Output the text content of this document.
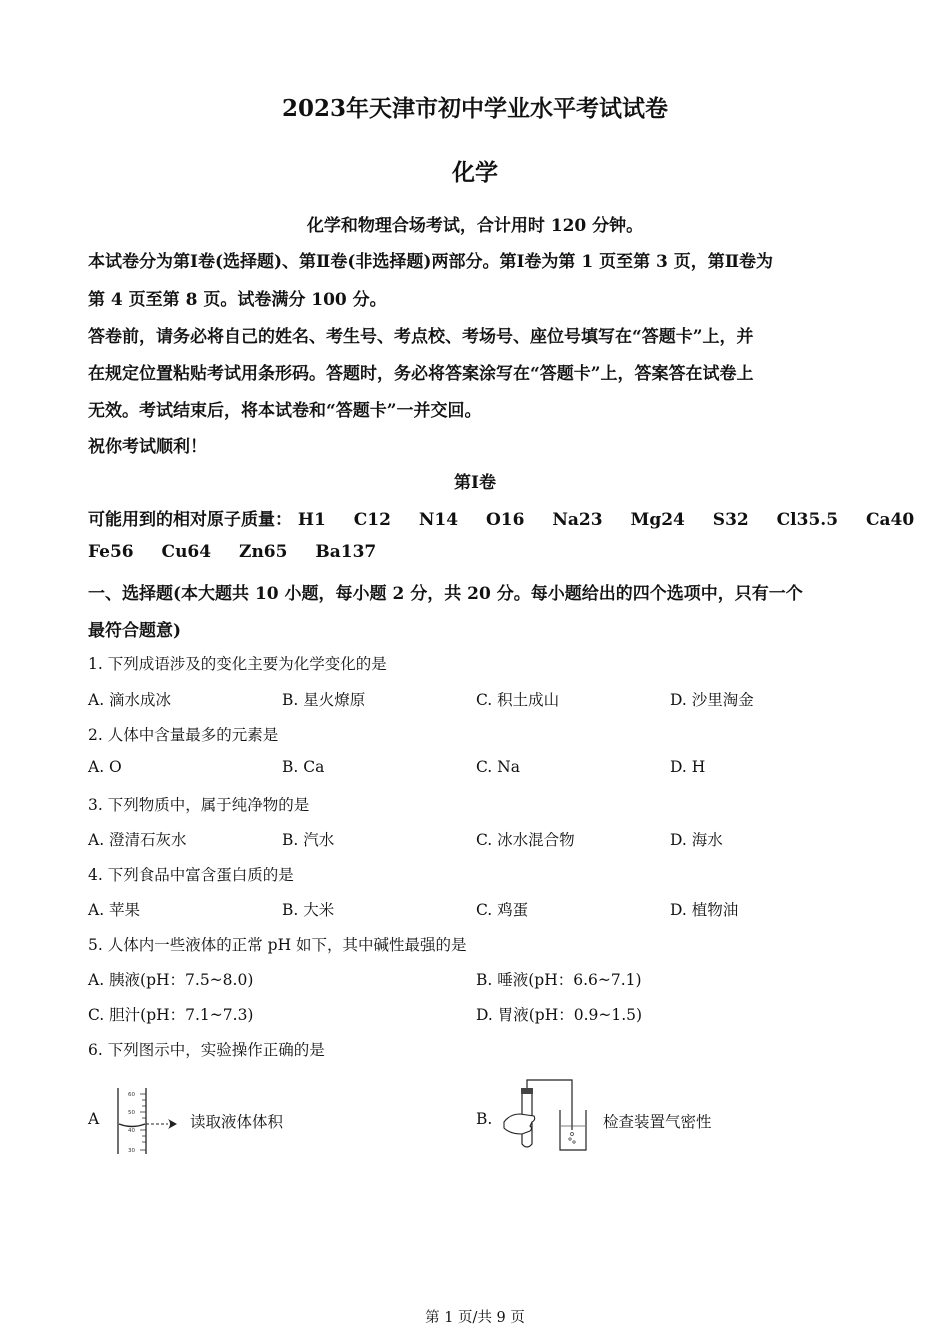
2023年天津市初中学业水平考试试卷
化学
化学和物理合场考试，合计用时 120 分钟。
本试卷分为第Ⅰ卷(选择题)、第Ⅱ卷(非选择题)两部分。第Ⅰ卷为第 1 页至第 3 页，第Ⅱ卷为
第 4 页至第 8 页。试卷满分 100 分。
答卷前，请务必将自己的姓名、考生号、考点校、考场号、座位号填写在“答题卡”上，并
在规定位置粘贴考试用条形码。答题时，务必将答案涂写在“答题卡”上，答案答在试卷上
无效。考试结束后，将本试卷和“答题卡”一并交回。
祝你考试顺利！
第Ⅰ卷
可能用到的相对原子质量： H1 C12 N14 O16 Na23 Mg24 S32 Cl35.5 Ca40
Fe56 Cu64 Zn65 Ba137
一、选择题(本大题共 10 小题，每小题 2 分，共 20 分。每小题给出的四个选项中，只有一个
最符合题意)
1. 下列成语涉及的变化主要为化学变化的是
A. 滴水成冰	B. 星火燎原	C. 积土成山	D. 沙里淘金
2. 人体中含量最多的元素是
A. O	B. Ca	C. Na	D. H
3. 下列物质中，属于纯净物的是
A. 澄清石灰水	B. 汽水	C. 冰水混合物	D. 海水
4. 下列食品中富含蛋白质的是
A. 苹果	B. 大米	C. 鸡蛋	D. 植物油
5. 人体内一些液体的正常 pH 如下，其中碱性最强的是
A. 胰液(pH：7.5~8.0)	B. 唾液(pH：6.6~7.1)
C. 胆汁(pH：7.1~7.3)	D. 胃液(pH：0.9~1.5)
6. 下列图示中，实验操作正确的是
A
60
50
40
30
读取液体体积	B.	检查装置气密性
第 1 页/共 9 页
